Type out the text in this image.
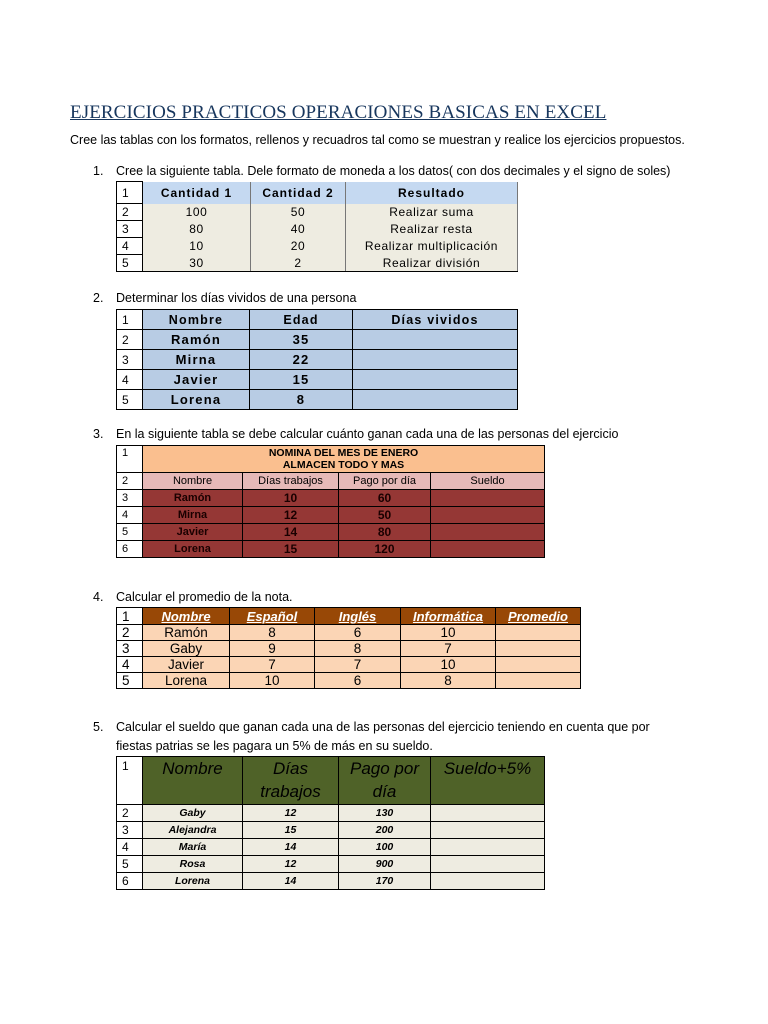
EJERCICIOS PRACTICOS OPERACIONES BASICAS EN EXCEL
Cree las tablas con los formatos, rellenos y recuadros tal como se muestran y realice los ejercicios propuestos.
1. Cree la siguiente tabla. Dele formato de moneda a los datos( con dos decimales y el signo de soles)
1	Cantidad 1	Cantidad 2	Resultado
2	100	50	Realizar suma
3	80	40	Realizar resta
4	10	20	Realizar multiplicación
5	30	2	Realizar división
2. Determinar los días vividos de una persona
1	Nombre	Edad	Días vividos
2	Ramón	35	
3	Mirna	22	
4	Javier	15	
5	Lorena	8	
3. En la siguiente tabla se debe calcular cuánto ganan cada una de las personas del ejercicio
1	NOMINA DEL MES DE ENERO
ALMACEN TODO Y MAS			

2	Nombre	Días trabajos	Pago por día	Sueldo
3	Ramón	10	60	
4	Mirna	12	50	
5	Javier	14	80	
6	Lorena	15	120	
4. Calcular el promedio de la nota.
1	Nombre	Español	Inglés	Informática	Promedio
2	Ramón	8	6	10	
3	Gaby	9	8	7	
4	Javier	7	7	10	
5	Lorena	10	6	8	
5. Calcular el sueldo que ganan cada una de las personas del ejercicio teniendo en cuenta que por
fiestas patrias se les pagara un 5% de más en su sueldo.
1	Nombre	Días trabajos	Pago por día	Sueldo+5%
2	Gaby	12	130	
3	Alejandra	15	200	
4	María	14	100	
5	Rosa	12	900	
6	Lorena	14	170	
